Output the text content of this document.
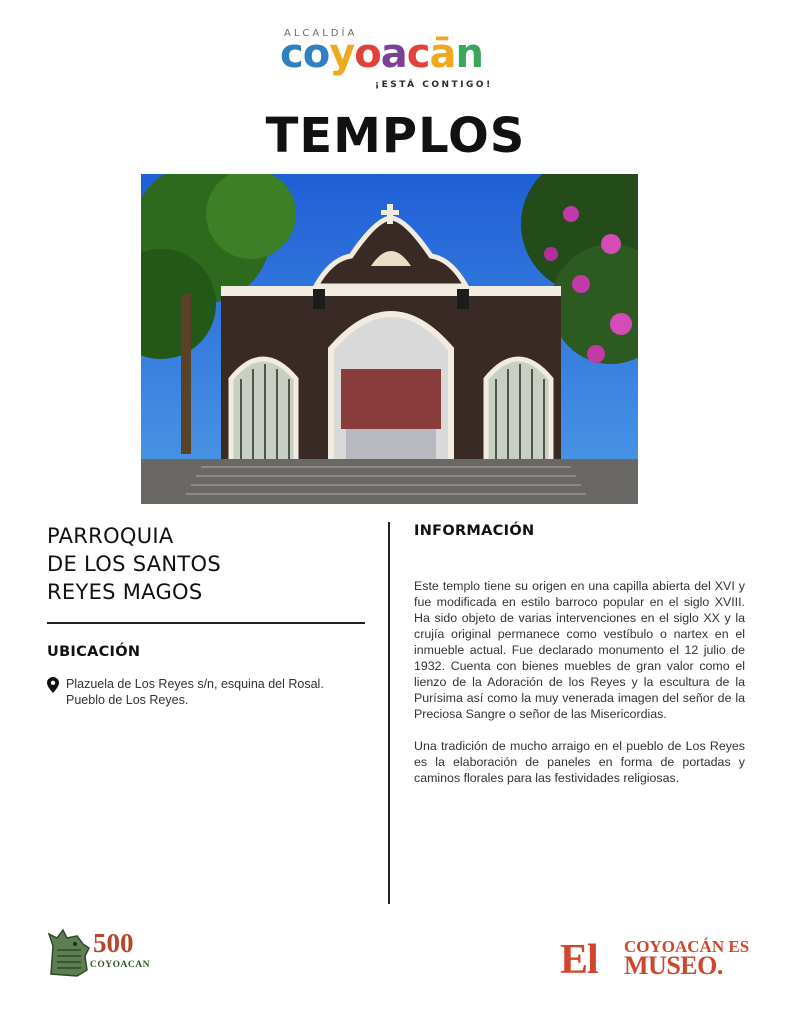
ALCALDÍA
coyoacān
¡ESTÁ CONTIGO!
TEMPLOS
PARROQUIA
DE LOS SANTOS
REYES MAGOS
UBICACIÓN
Plazuela de Los Reyes s/n, esquina del Rosal.
Pueblo de Los Reyes.
INFORMACIÓN

Este templo tiene su origen en una capilla abierta del XVI y fue modificada en estilo barroco popular en el siglo XVIII. Ha sido objeto de varias intervenciones en el siglo XX y la crujía original permanece como vestíbulo o nartex en el inmueble actual. Fue declarado monumento el 12 julio de 1932. Cuenta con bienes muebles de gran valor como el lienzo de la Adoración de los Reyes y la escultura de la Purísima así como la muy venerada imagen del señor de la Preciosa Sangre o señor de las Misericordias.

Una tradición de mucho arraigo en el pueblo de Los Reyes es la elaboración de paneles en forma de portadas y caminos florales para las festividades religiosas.

500
COYOACAN	El COYOACÁN ES
MUSEO.
